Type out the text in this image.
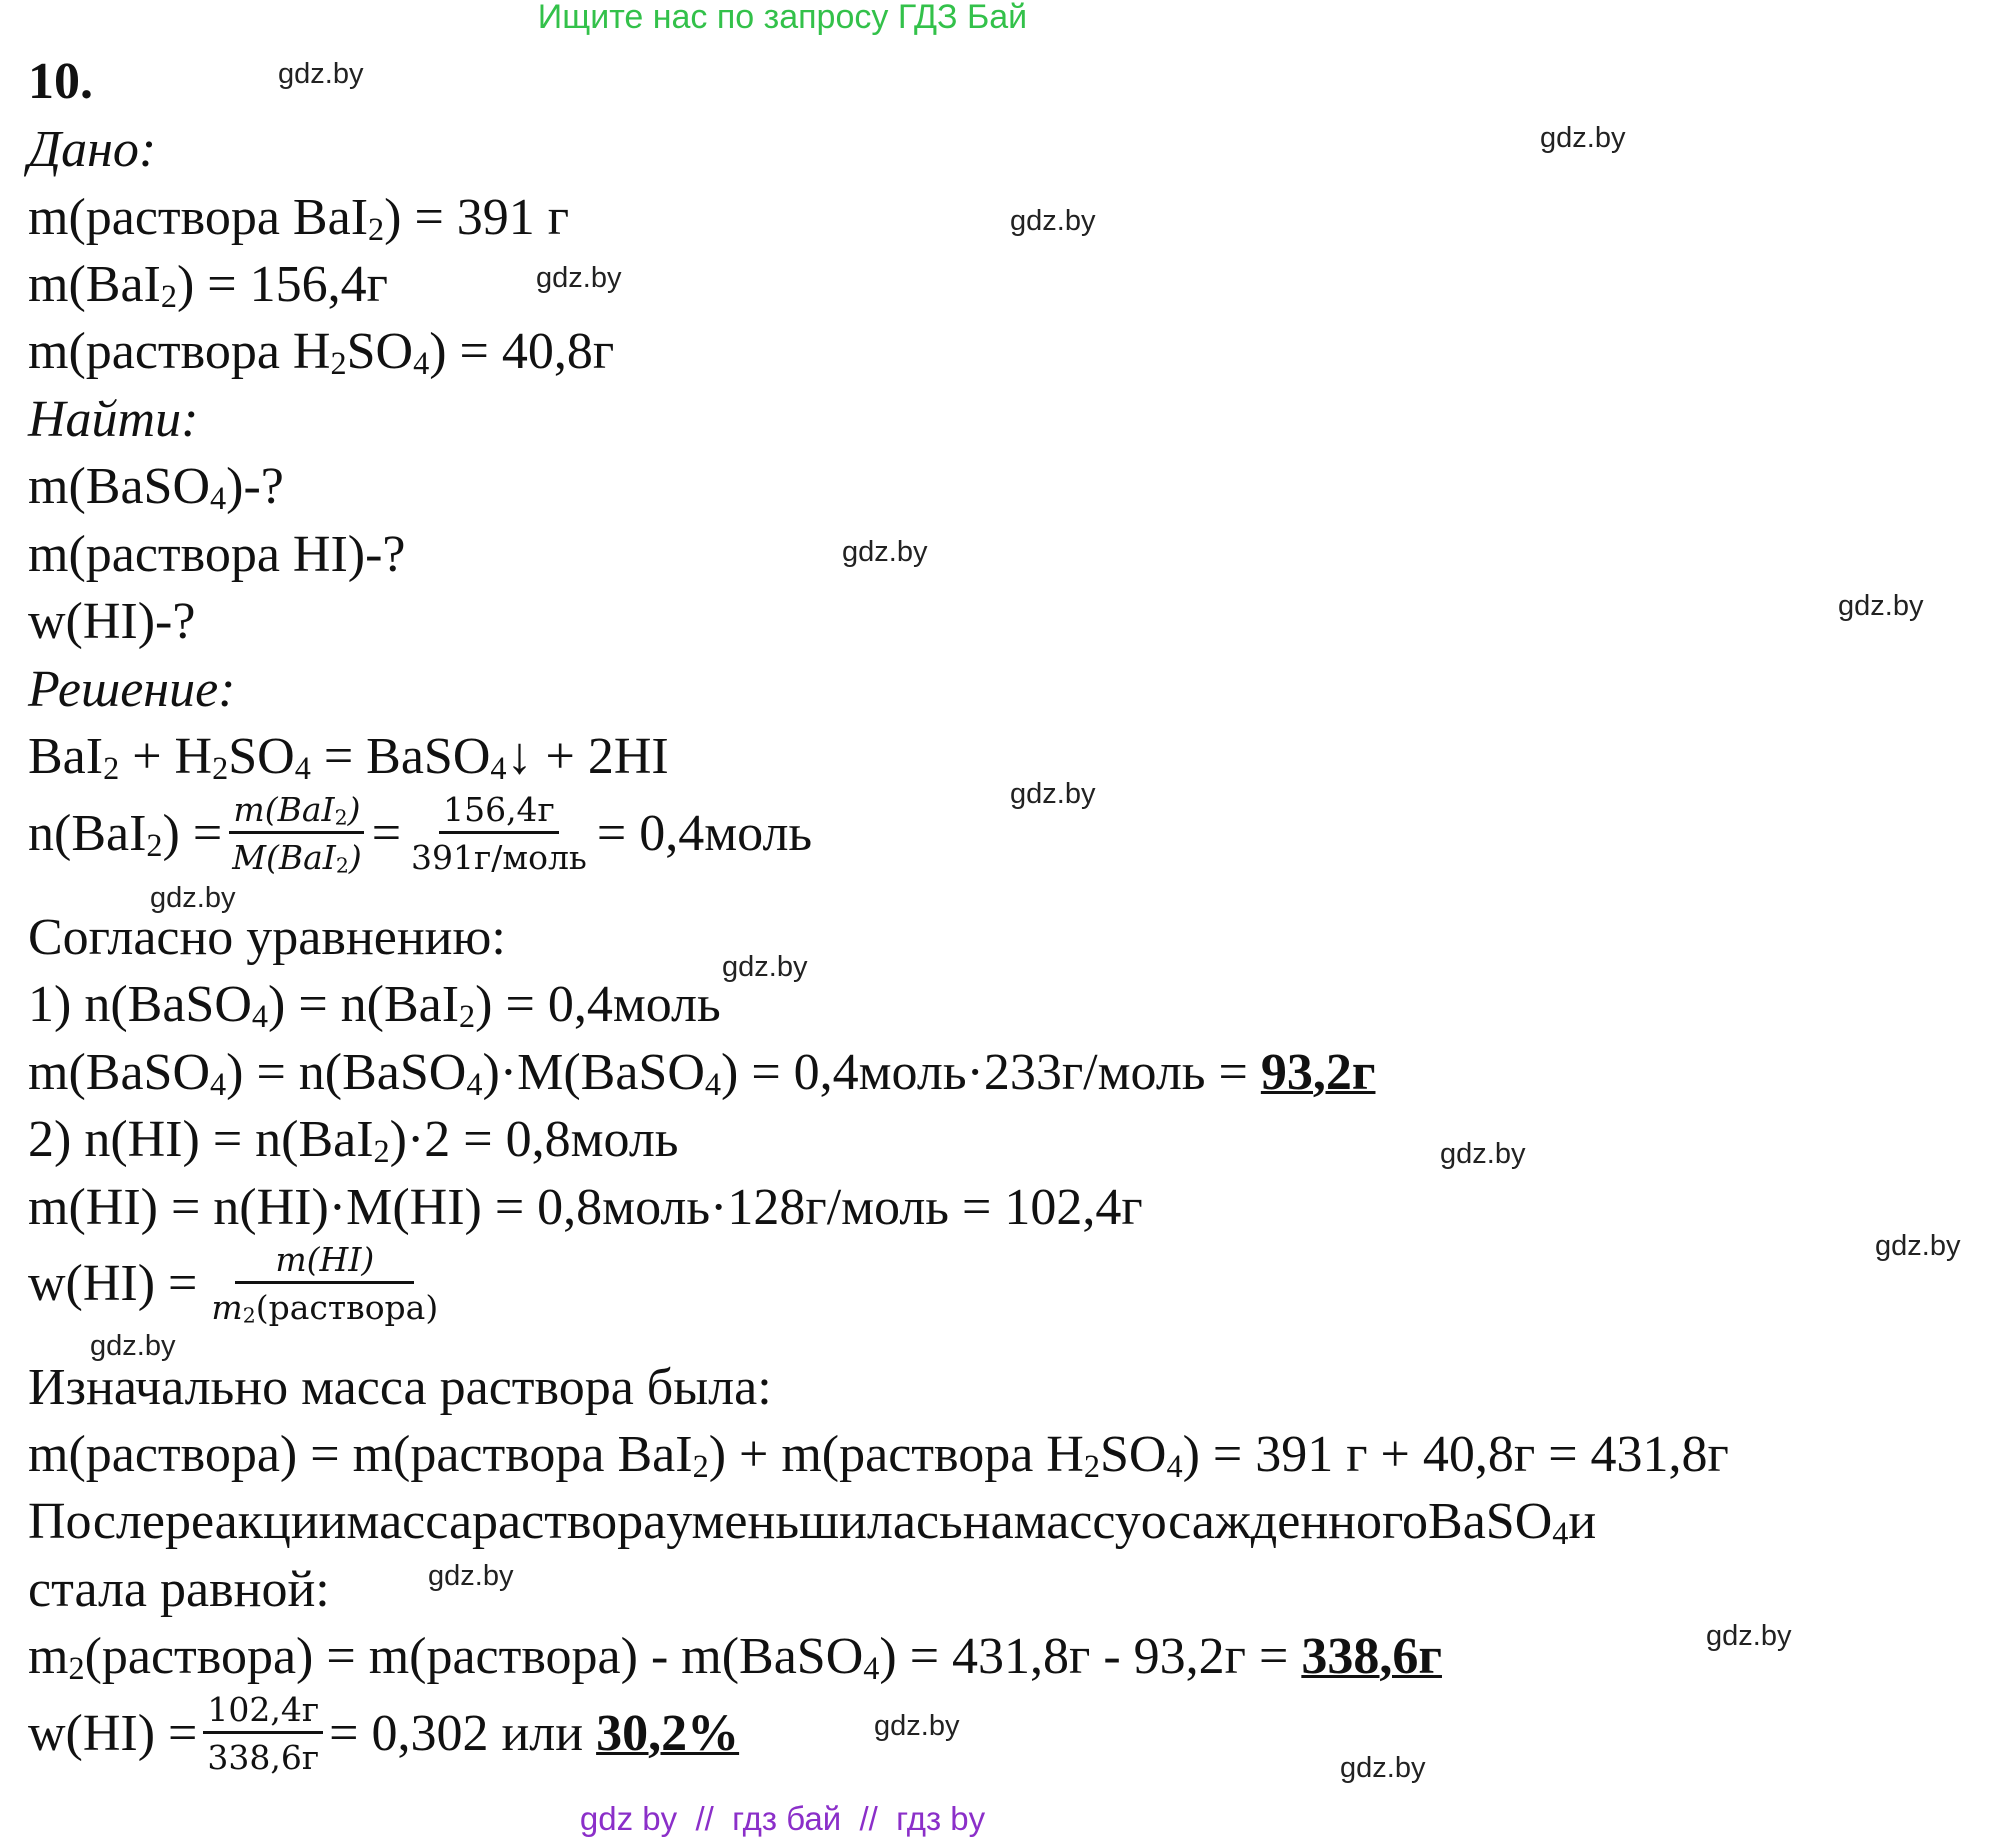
Ищите нас по запросу ГДЗ Бай
10.	gdz.by
gdz.by
gdz.by
gdz.by
gdz.by
gdz.by
gdz.by
gdz.by
gdz.by
gdz.by
gdz.by
gdz.by
gdz.by
gdz.by
gdz.by
gdz.by
Дано:
m(раствора BaI$_2$) = 391 г
m(BaI$_2$) = 156,4г
m(раствора $H_2SO_4) = 40,8г$
Найти:
m(BaSO$_4$)-?
m(раствора HI)-?
w(HI)-?
Решение:
$BaI_2 + H_2SO_4$ = BaSO$_4$↓ + 2HI
$n(BaI_2) = \frac{m(BaI_2)}{M(BaI_2)} = \frac{156,4г}{\text{391г/моль}}$ = 0,4моль
Согласно уравнению:
1) n(BaSO$_4$) = n(BaI$_2$) = 0,4моль
m(BaSO$_4$) = n(BaSO$_4$)·M(BaSO$_4$) = 0,4моль·233г/моль = 93,2г
2) n(HI) = n(BaI$_2$)·2 = 0,8моль
m(HI) = n(HI)·M(HI) = 0,8моль·128г/моль = 102,4г
$w(HI) = \frac{m(HI)}{m_2(раствора)}$
Изначально масса раствора была:
m(раствора) = m(раствора BaI$_2$) + m(раствора $H_2SO_4) = 391$ г + 40,8г = 431,8г
После реакции масса раствора уменьшилась на массу осажденного BaSO$_4$ и
стала равной:
$m_2(раствора)$ = m(раствора) - m(BaSO$_4$) = 431,8г - 93,2г = 338,6г
$w(HI) = \frac{102,4г}{338,6г} = 0,302$ или 30,2%
gdz by  //  гдз бай  //  гдз by
